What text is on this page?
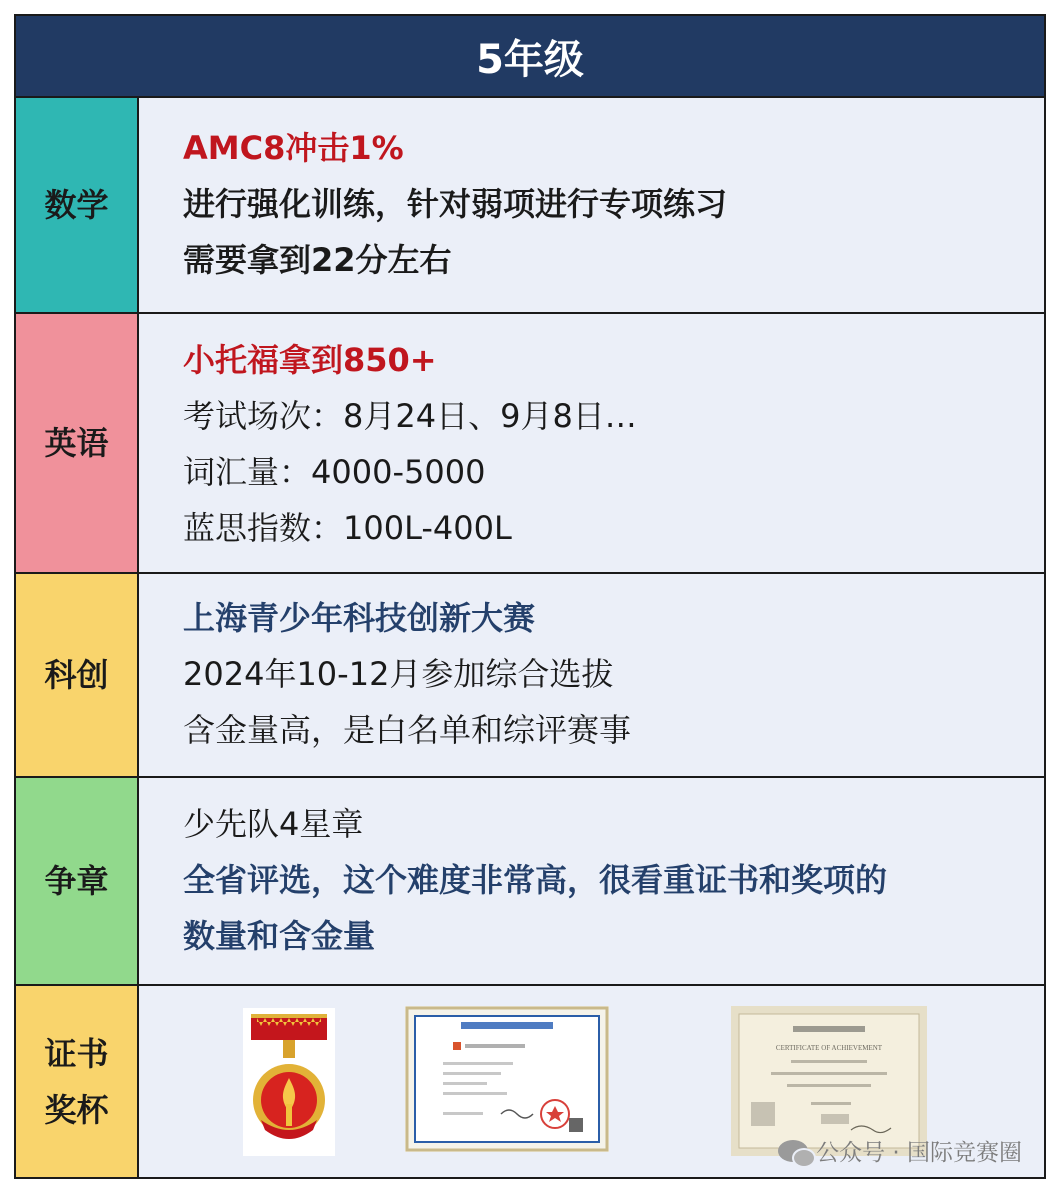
5年级
数学
AMC8冲击1%
进行强化训练，针对弱项进行专项练习
需要拿到22分左右
英语
小托福拿到850+
考试场次：8月24日、9月8日…
词汇量：4000-5000
蓝思指数：100L-400L
科创
上海青少年科技创新大赛
2024年10-12月参加综合选拔
含金量高，是白名单和综评赛事
争章
少先队4星章
全省评选，这个难度非常高，很看重证书和奖项的
数量和含金量
证书
奖杯
CERTIFICATE OF ACHIEVEMENT
公众号 · 国际竞赛圈
